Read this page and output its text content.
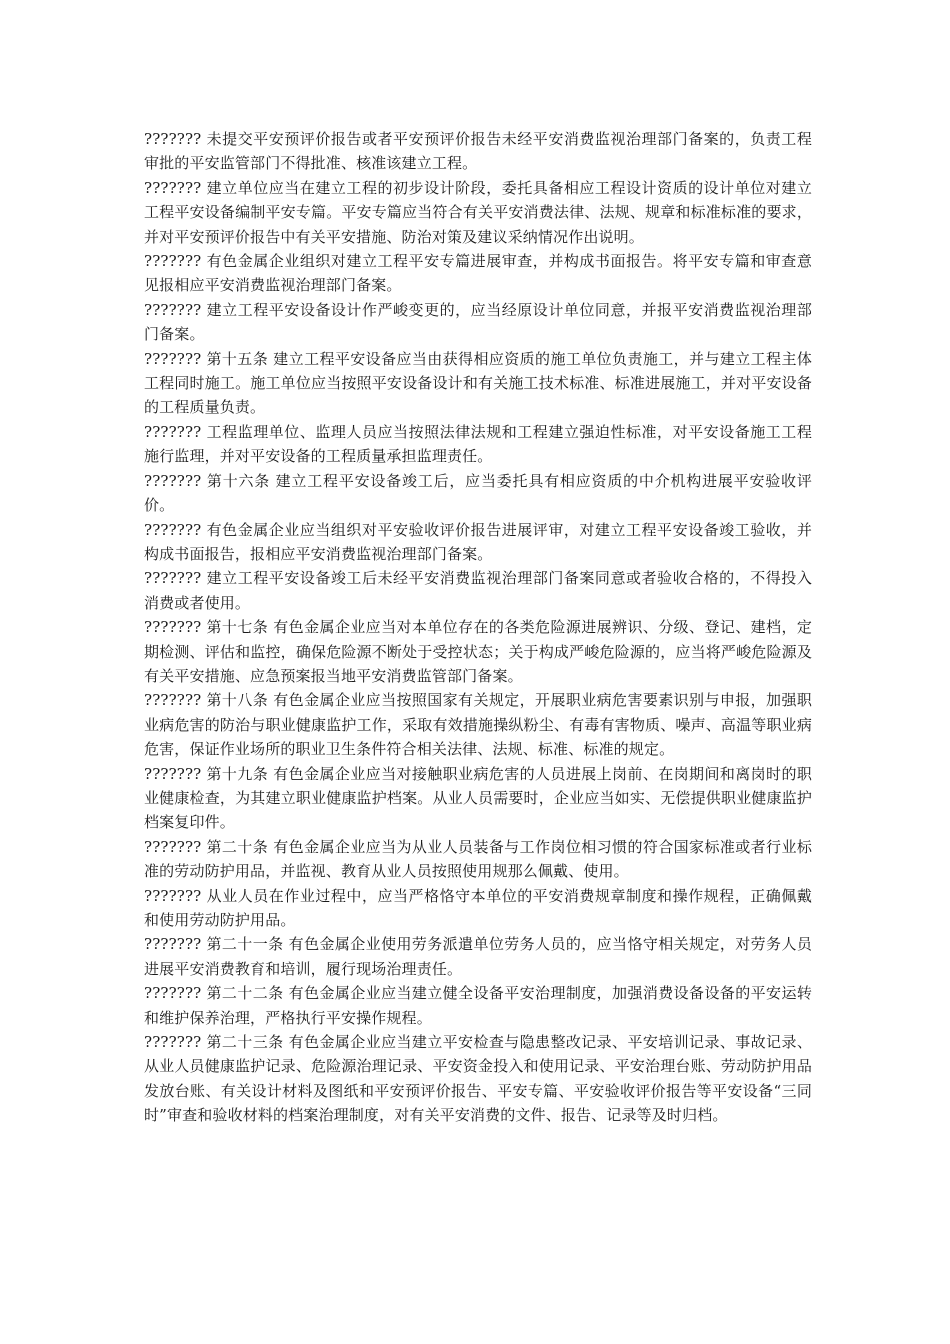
??????? 未提交平安预评价报告或者平安预评价报告未经平安消费监视治理部门备案的，负责工程审批的平安监管部门不得批准、核准该建立工程。

??????? 建立单位应当在建立工程的初步设计阶段，委托具备相应工程设计资质的设计单位对建立工程平安设备编制平安专篇。平安专篇应当符合有关平安消费法律、法规、规章和标准标准的要求，并对平安预评价报告中有关平安措施、防治对策及建议采纳情况作出说明。

??????? 有色金属企业组织对建立工程平安专篇进展审查，并构成书面报告。将平安专篇和审查意见报相应平安消费监视治理部门备案。

??????? 建立工程平安设备设计作严峻变更的，应当经原设计单位同意，并报平安消费监视治理部门备案。

??????? 第十五条 建立工程平安设备应当由获得相应资质的施工单位负责施工，并与建立工程主体工程同时施工。施工单位应当按照平安设备设计和有关施工技术标准、标准进展施工，并对平安设备的工程质量负责。

??????? 工程监理单位、监理人员应当按照法律法规和工程建立强迫性标准，对平安设备施工工程施行监理，并对平安设备的工程质量承担监理责任。

??????? 第十六条 建立工程平安设备竣工后，应当委托具有相应资质的中介机构进展平安验收评价。

??????? 有色金属企业应当组织对平安验收评价报告进展评审，对建立工程平安设备竣工验收，并构成书面报告，报相应平安消费监视治理部门备案。

??????? 建立工程平安设备竣工后未经平安消费监视治理部门备案同意或者验收合格的，不得投入消费或者使用。

??????? 第十七条 有色金属企业应当对本单位存在的各类危险源进展辨识、分级、登记、建档，定期检测、评估和监控，确保危险源不断处于受控状态；关于构成严峻危险源的，应当将严峻危险源及有关平安措施、应急预案报当地平安消费监管部门备案。

??????? 第十八条 有色金属企业应当按照国家有关规定，开展职业病危害要素识别与申报，加强职业病危害的防治与职业健康监护工作，采取有效措施操纵粉尘、有毒有害物质、噪声、高温等职业病危害，保证作业场所的职业卫生条件符合相关法律、法规、标准、标准的规定。

??????? 第十九条 有色金属企业应当对接触职业病危害的人员进展上岗前、在岗期间和离岗时的职业健康检查，为其建立职业健康监护档案。从业人员需要时，企业应当如实、无偿提供职业健康监护档案复印件。

??????? 第二十条 有色金属企业应当为从业人员装备与工作岗位相习惯的符合国家标准或者行业标准的劳动防护用品，并监视、教育从业人员按照使用规那么佩戴、使用。

??????? 从业人员在作业过程中，应当严格恪守本单位的平安消费规章制度和操作规程，正确佩戴和使用劳动防护用品。

??????? 第二十一条 有色金属企业使用劳务派遣单位劳务人员的，应当恪守相关规定，对劳务人员进展平安消费教育和培训，履行现场治理责任。

??????? 第二十二条 有色金属企业应当建立健全设备平安治理制度，加强消费设备设备的平安运转和维护保养治理，严格执行平安操作规程。

??????? 第二十三条 有色金属企业应当建立平安检查与隐患整改记录、平安培训记录、事故记录、从业人员健康监护记录、危险源治理记录、平安资金投入和使用记录、平安治理台账、劳动防护用品发放台账、有关设计材料及图纸和平安预评价报告、平安专篇、平安验收评价报告等平安设备“三同时”审查和验收材料的档案治理制度，对有关平安消费的文件、报告、记录等及时归档。
